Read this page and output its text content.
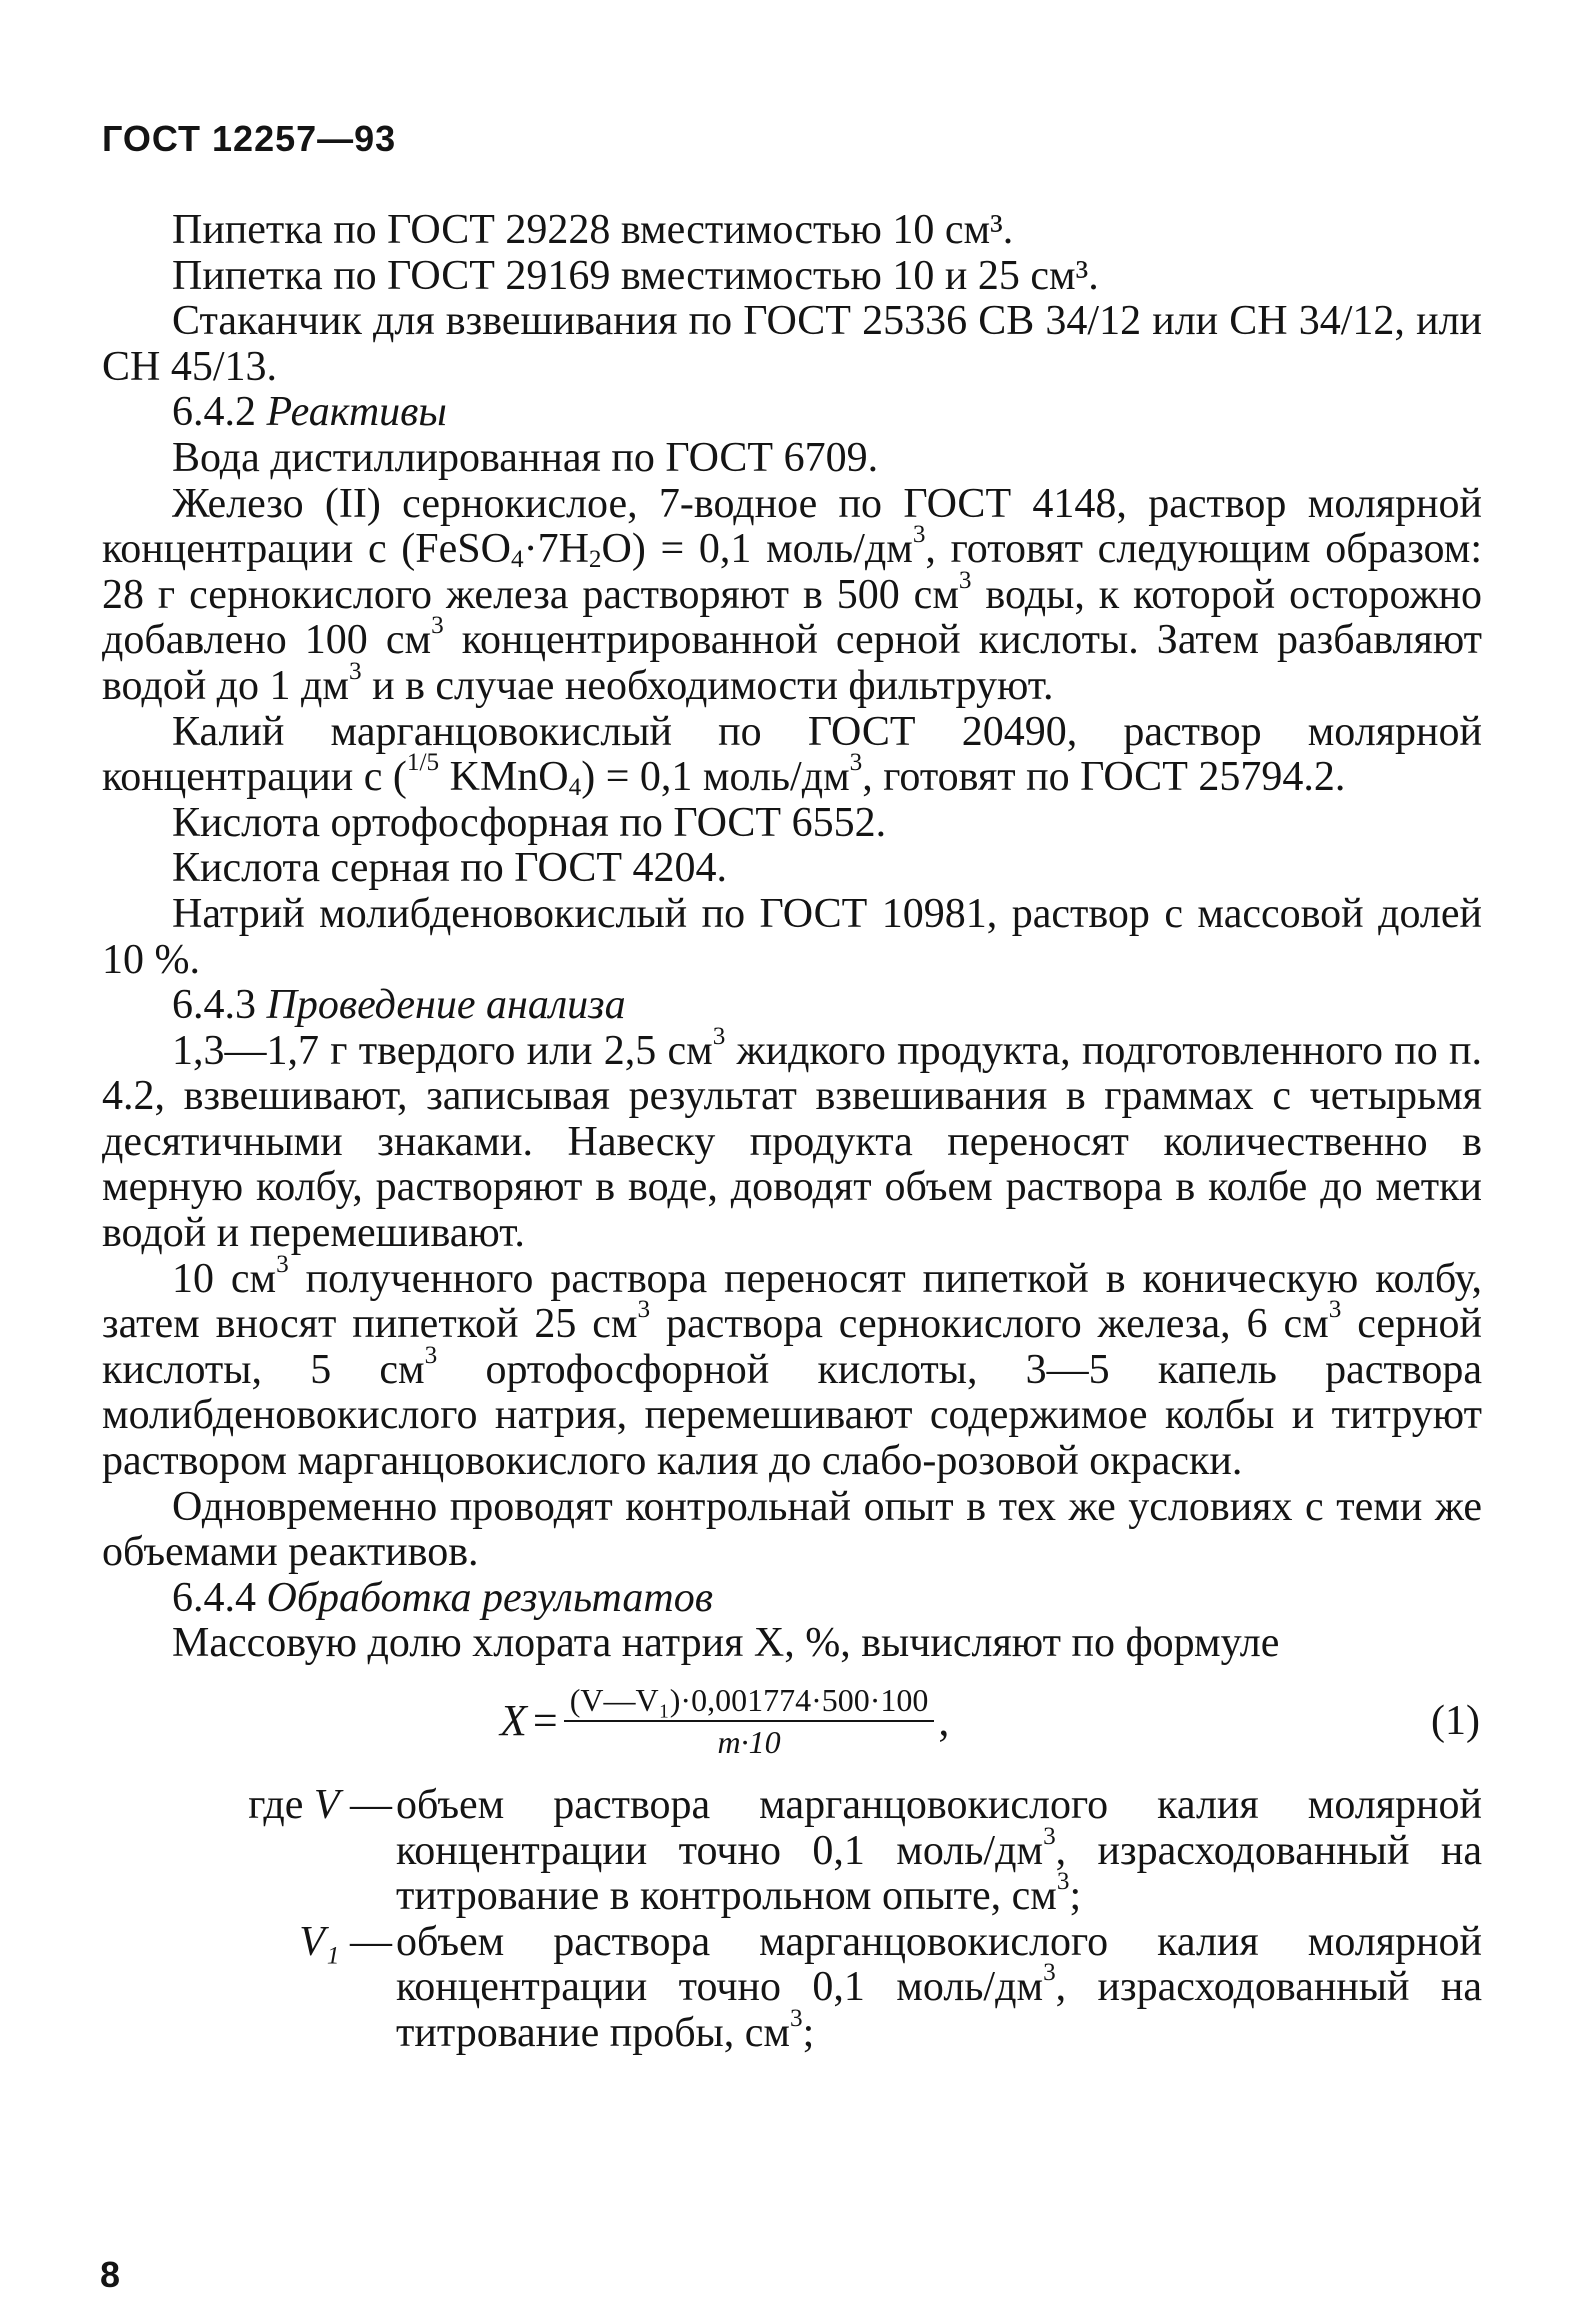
ГОСТ 12257—93

Пипетка по ГОСТ 29228 вместимостью 10 см³.

Пипетка по ГОСТ 29169 вместимостью 10 и 25 см³.

Стаканчик для взвешивания по ГОСТ 25336 СВ 34/12 или СН 34/12, или СН 45/13.

6.4.2 Реактивы

Вода дистиллированная по ГОСТ 6709.

Железо (II) сернокислое, 7-водное по ГОСТ 4148, раствор молярной концентрации с $(FeSO_4\cdot 7H_2O) = 0,1$ моль/$дм^3$, готовят следующим образом: 28 г сернокислого железа растворяют в 500 $см^3$ воды, к которой осторожно добавлено 100 $см^3$ концентрированной серной кислоты. Затем разбавляют водой до 1 $дм^3$ и в случае необходимости фильтруют.

Калий марганцовокислый по ГОСТ 20490, раствор молярной концентрации с ($^{1/5}$ KMnO$_4$) = 0,1 моль/$дм^3$, готовят по ГОСТ 25794.2.

Кислота ортофосфорная по ГОСТ 6552.

Кислота серная по ГОСТ 4204.

Натрий молибденовокислый по ГОСТ 10981, раствор с массовой долей 10 %.

6.4.3 Проведение анализа

1,3—1,7 г твердого или 2,5 $см^3$ жидкого продукта, подготовленного по п. 4.2, взвешивают, записывая результат взвешивания в граммах с четырьмя десятичными знаками. Навеску продукта переносят количественно в мерную колбу, растворяют в воде, доводят объем раствора в колбе до метки водой и перемешивают.

10 $см^3$ полученного раствора переносят пипеткой в коническую колбу, затем вносят пипеткой 25 $см^3$ раствора сернокислого железа, 6 $см^3$ серной кислоты, 5 $см^3$ ортофосфорной кислоты, 3—5 капель раствора молибденовокислого натрия, перемешивают содержимое колбы и титруют раствором марганцовокислого калия до слабо-розовой окраски.

Одновременно проводят контрольнай опыт в тех же условиях с теми же объемами реактивов.

6.4.4 Обработка результатов

Массовую долю хлората натрия X, %, вычисляют по формуле

$X = \frac{\text{(V—V₁)·0,001774·500·100}}{m\cdot 10}$ ,	(1)
где V — объем раствора марганцовокислого калия молярной концентрации точно 0,1 моль/$дм^3$, израсходованный на титрование в контрольном опыте, $см^3$;
V₁ — объем раствора марганцовокислого калия молярной концентрации точно 0,1 моль/$дм^3$, израсходованный на титрование пробы, $см^3$;
8
